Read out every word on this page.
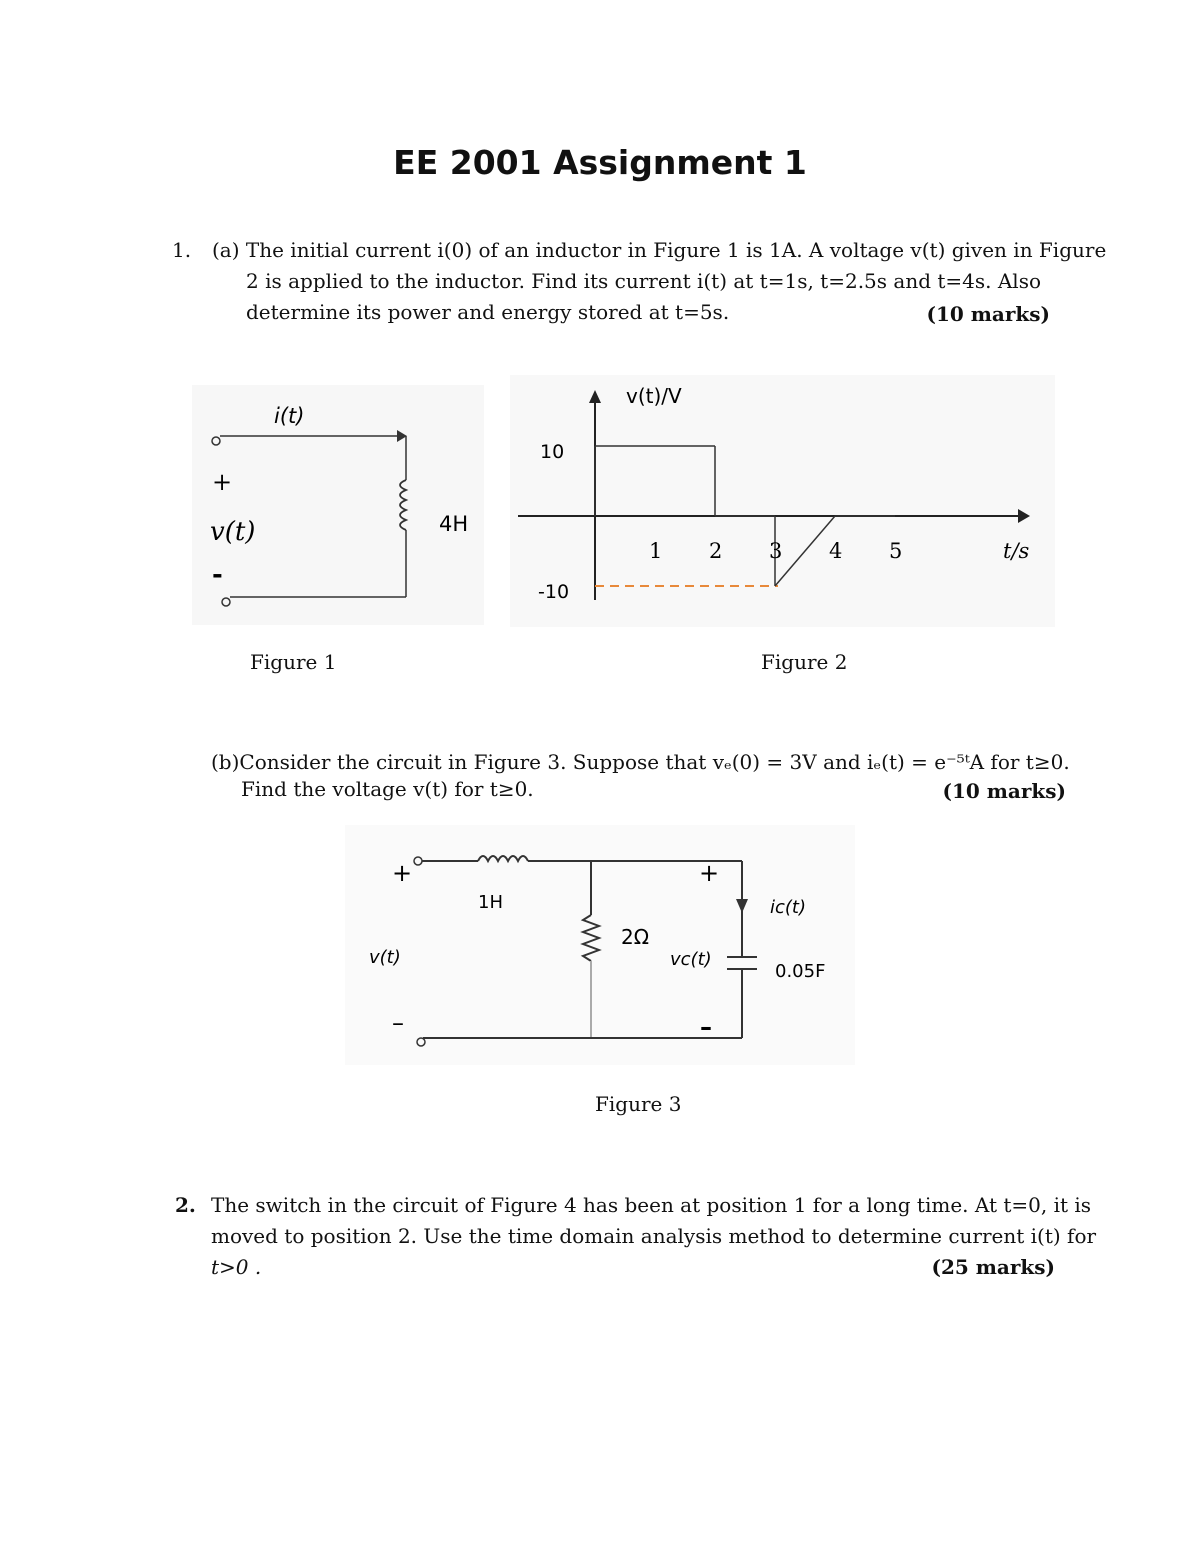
EE 2001 Assignment 1
1. (a) The initial current i(0) of an inductor in Figure 1 is 1A. A voltage v(t) given in Figure
2 is applied to the inductor. Find its current i(t) at t=1s, t=2.5s and t=4s. Also
determine its power and energy stored at t=5s.	(10 marks)
i(t)
+
v(t)
-
4H
1 2 3 4 5
10
-10
v(t)/V
t/s
Figure 1	Figure 2
(b)Consider the circuit in Figure 3. Suppose that vₑ(0) = 3V and iₑ(t) = e⁻⁵ᵗA for t≥0.
Find the voltage v(t) for t≥0.	(10 marks)
+
–
v(t)
1H
2Ω
vc(t)
+
–
ic(t)
0.05F
Figure 3
2. The switch in the circuit of Figure 4 has been at position 1 for a long time. At t=0, it is
moved to position 2. Use the time domain analysis method to determine current i(t) for
t>0 .	(25 marks)
